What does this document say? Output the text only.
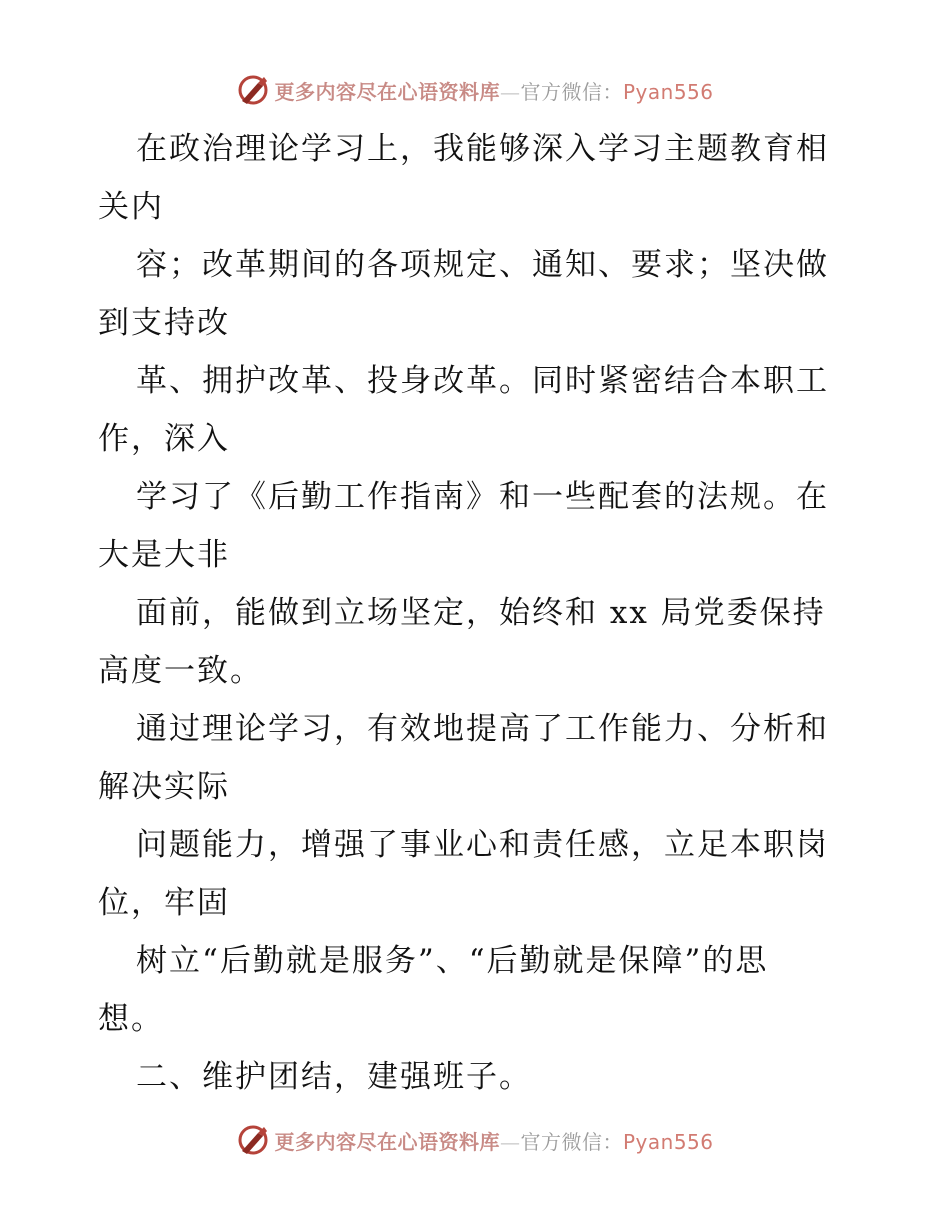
更多内容尽在心语资料库—官方微信：Pyan556
在政治理论学习上，我能够深入学习主题教育相
关内
容；改革期间的各项规定、通知、要求；坚决做
到支持改
革、拥护改革、投身改革。同时紧密结合本职工
作，深入
学习了《后勤工作指南》和一些配套的法规。在
大是大非
面前，能做到立场坚定，始终和 xx 局党委保持
高度一致。
通过理论学习，有效地提高了工作能力、分析和
解决实际
问题能力，增强了事业心和责任感，立足本职岗
位，牢固
树立“后勤就是服务”、“后勤就是保障”的思
想。
二、维护团结，建强班子。
更多内容尽在心语资料库—官方微信：Pyan556
